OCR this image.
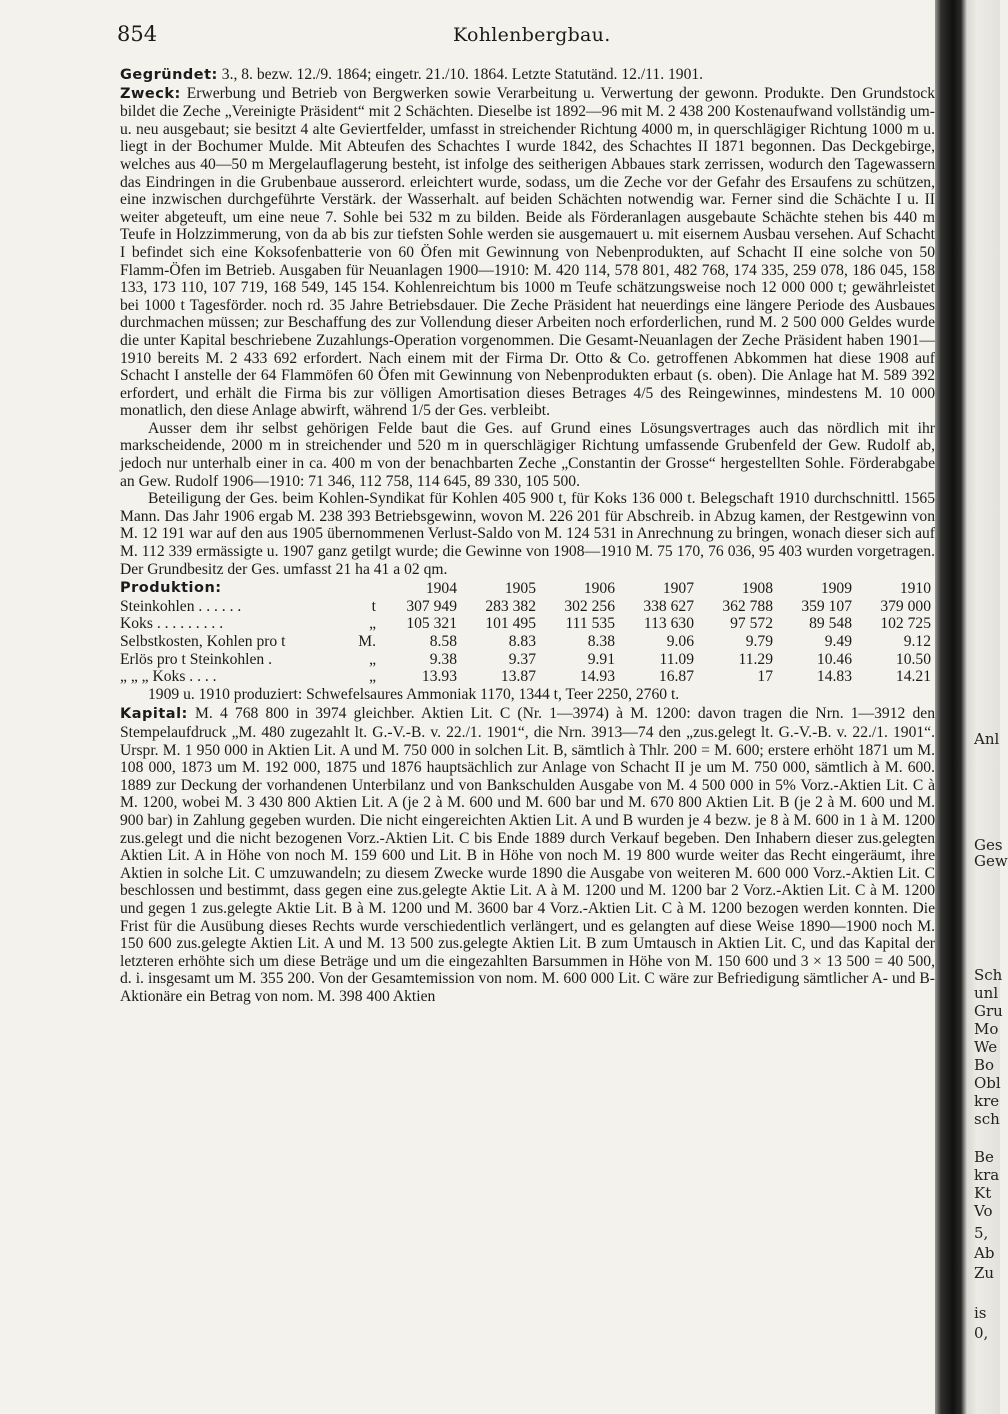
854	Kohlenbergbau.

Gegründet: 3., 8. bezw. 12./9. 1864; eingetr. 21./10. 1864. Letzte Statutänd. 12./11. 1901.

Zweck: Erwerbung und Betrieb von Bergwerken sowie Verarbeitung u. Verwertung der gewonn. Produkte. Den Grundstock bildet die Zeche „Vereinigte Präsident“ mit 2 Schächten. Dieselbe ist 1892—96 mit M. 2 438 200 Kostenaufwand vollständig um- u. neu ausgebaut; sie besitzt 4 alte Geviertfelder, umfasst in streichender Richtung 4000 m, in querschlägiger Richtung 1000 m u. liegt in der Bochumer Mulde. Mit Abteufen des Schachtes I wurde 1842, des Schachtes II 1871 begonnen. Das Deckgebirge, welches aus 40—50 m Mergelauflagerung besteht, ist infolge des seitherigen Abbaues stark zerrissen, wodurch den Tagewassern das Eindringen in die Grubenbaue ausserord. erleichtert wurde, sodass, um die Zeche vor der Gefahr des Ersaufens zu schützen, eine inzwischen durchgeführte Verstärk. der Wasserhalt. auf beiden Schächten notwendig war. Ferner sind die Schächte I u. II weiter abgeteuft, um eine neue 7. Sohle bei 532 m zu bilden. Beide als Förderanlagen ausgebaute Schächte stehen bis 440 m Teufe in Holzzimmerung, von da ab bis zur tiefsten Sohle werden sie ausgemauert u. mit eisernem Ausbau versehen. Auf Schacht I befindet sich eine Koksofenbatterie von 60 Öfen mit Gewinnung von Nebenprodukten, auf Schacht II eine solche von 50 Flamm-Öfen im Betrieb. Ausgaben für Neuanlagen 1900—1910: M. 420 114, 578 801, 482 768, 174 335, 259 078, 186 045, 158 133, 173 110, 107 719, 168 549, 145 154. Kohlenreichtum bis 1000 m Teufe schätzungsweise noch 12 000 000 t; gewährleistet bei 1000 t Tagesförder. noch rd. 35 Jahre Betriebsdauer. Die Zeche Präsident hat neuerdings eine längere Periode des Ausbaues durchmachen müssen; zur Beschaffung des zur Vollendung dieser Arbeiten noch erforderlichen, rund M. 2 500 000 Geldes wurde die unter Kapital beschriebene Zuzahlungs-Operation vorgenommen. Die Gesamt-Neuanlagen der Zeche Präsident haben 1901—1910 bereits M. 2 433 692 erfordert. Nach einem mit der Firma Dr. Otto & Co. getroffenen Abkommen hat diese 1908 auf Schacht I anstelle der 64 Flammöfen 60 Öfen mit Gewinnung von Nebenprodukten erbaut (s. oben). Die Anlage hat M. 589 392 erfordert, und erhält die Firma bis zur völligen Amortisation dieses Betrages 4/5 des Reingewinnes, mindestens M. 10 000 monatlich, den diese Anlage abwirft, während 1/5 der Ges. verbleibt.

Ausser dem ihr selbst gehörigen Felde baut die Ges. auf Grund eines Lösungsvertrages auch das nördlich mit ihr markscheidende, 2000 m in streichender und 520 m in querschlägiger Richtung umfassende Grubenfeld der Gew. Rudolf ab, jedoch nur unterhalb einer in ca. 400 m von der benachbarten Zeche „Constantin der Grosse“ hergestellten Sohle. Förderabgabe an Gew. Rudolf 1906—1910: 71 346, 112 758, 114 645, 89 330, 105 500.

Beteiligung der Ges. beim Kohlen-Syndikat für Kohlen 405 900 t, für Koks 136 000 t. Belegschaft 1910 durchschnittl. 1565 Mann. Das Jahr 1906 ergab M. 238 393 Betriebsgewinn, wovon M. 226 201 für Abschreib. in Abzug kamen, der Restgewinn von M. 12 191 war auf den aus 1905 übernommenen Verlust-Saldo von M. 124 531 in Anrechnung zu bringen, wonach dieser sich auf M. 112 339 ermässigte u. 1907 ganz getilgt wurde; die Gewinne von 1908—1910 M. 75 170, 76 036, 95 403 wurden vorgetragen. Der Grundbesitz der Ges. umfasst 21 ha 41 a 02 qm.

Produktion:	1904	1905	1906	1907	1908	1909	1910
Steinkohlen . . . . . . t	307 949	283 382	302 256	338 627	362 788	359 107	379 000
Koks . . . . . . . . . „	105 321	101 495	111 535	113 630	97 572	89 548	102 725
Selbstkosten, Kohlen pro t M.	8.58	8.83	8.38	9.06	9.79	9.49	9.12
Erlös pro t Steinkohlen . „	9.38	9.37	9.91	11.09	11.29	10.46	10.50
„ „ „ Koks . . . . „	13.93	13.87	14.93	16.87	17	14.83	14.21

1909 u. 1910 produziert: Schwefelsaures Ammoniak 1170, 1344 t, Teer 2250, 2760 t.

Kapital: M. 4 768 800 in 3974 gleichber. Aktien Lit. C (Nr. 1—3974) à M. 1200: davon tragen die Nrn. 1—3912 den Stempelaufdruck „M. 480 zugezahlt lt. G.-V.-B. v. 22./1. 1901“, die Nrn. 3913—74 den „zus.gelegt lt. G.-V.-B. v. 22./1. 1901“. Urspr. M. 1 950 000 in Aktien Lit. A und M. 750 000 in solchen Lit. B, sämtlich à Thlr. 200 = M. 600; erstere erhöht 1871 um M. 108 000, 1873 um M. 192 000, 1875 und 1876 hauptsächlich zur Anlage von Schacht II je um M. 750 000, sämtlich à M. 600. 1889 zur Deckung der vorhandenen Unterbilanz und von Bankschulden Ausgabe von M. 4 500 000 in 5% Vorz.-Aktien Lit. C à M. 1200, wobei M. 3 430 800 Aktien Lit. A (je 2 à M. 600 und M. 600 bar und M. 670 800 Aktien Lit. B (je 2 à M. 600 und M. 900 bar) in Zahlung gegeben wurden. Die nicht eingereichten Aktien Lit. A und B wurden je 4 bezw. je 8 à M. 600 in 1 à M. 1200 zus.gelegt und die nicht bezogenen Vorz.-Aktien Lit. C bis Ende 1889 durch Verkauf begeben. Den Inhabern dieser zus.gelegten Aktien Lit. A in Höhe von noch M. 159 600 und Lit. B in Höhe von noch M. 19 800 wurde weiter das Recht eingeräumt, ihre Aktien in solche Lit. C umzuwandeln; zu diesem Zwecke wurde 1890 die Ausgabe von weiteren M. 600 000 Vorz.-Aktien Lit. C beschlossen und bestimmt, dass gegen eine zus.gelegte Aktie Lit. A à M. 1200 und M. 1200 bar 2 Vorz.-Aktien Lit. C à M. 1200 und gegen 1 zus.gelegte Aktie Lit. B à M. 1200 und M. 3600 bar 4 Vorz.-Aktien Lit. C à M. 1200 bezogen werden konnten. Die Frist für die Ausübung dieses Rechts wurde verschiedentlich verlängert, und es gelangten auf diese Weise 1890—1900 noch M. 150 600 zus.gelegte Aktien Lit. A und M. 13 500 zus.gelegte Aktien Lit. B zum Umtausch in Aktien Lit. C, und das Kapital der letzteren erhöhte sich um diese Beträge und um die eingezahlten Barsummen in Höhe von M. 150 600 und 3 × 13 500 = 40 500, d. i. insgesamt um M. 355 200. Von der Gesamtemission von nom. M. 600 000 Lit. C wäre zur Befriedigung sämtlicher A- und B-Aktionäre ein Betrag von nom. M. 398 400 Aktien

Anl
Ges
Gew
Sch
unl
Gru
Mo
We
Bo
Obl
kre
sch
Be
kra
Kt
Vo
5,
Ab
Zu
is
0,
